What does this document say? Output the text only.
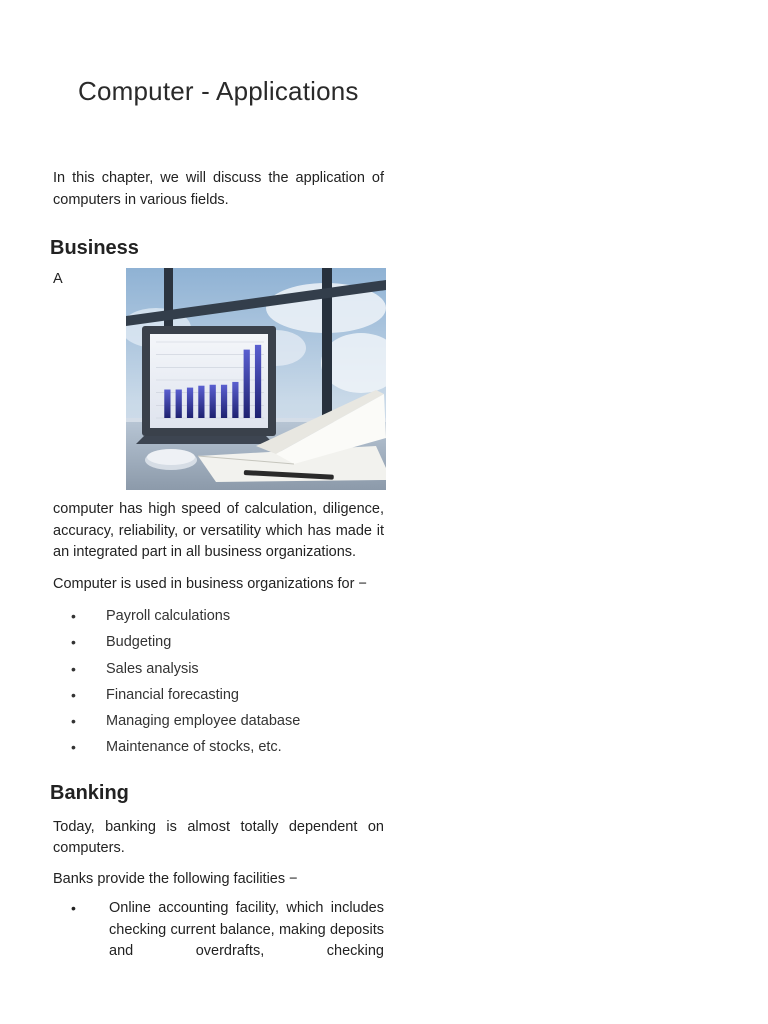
Computer - Applications

In this chapter, we will discuss the application of computers in various fields.

Business
A

computer has high speed of calculation, diligence, accuracy, reliability, or versatility which has made it an integrated part in all business organizations.

Computer is used in business organizations for −

• Payroll calculations
• Budgeting
• Sales analysis
• Financial forecasting
• Managing employee database
• Maintenance of stocks, etc.
Banking

Today, banking is almost totally dependent on computers.

Banks provide the following facilities −

• Online accounting facility, which includes checking current balance, making deposits and overdrafts, checking
